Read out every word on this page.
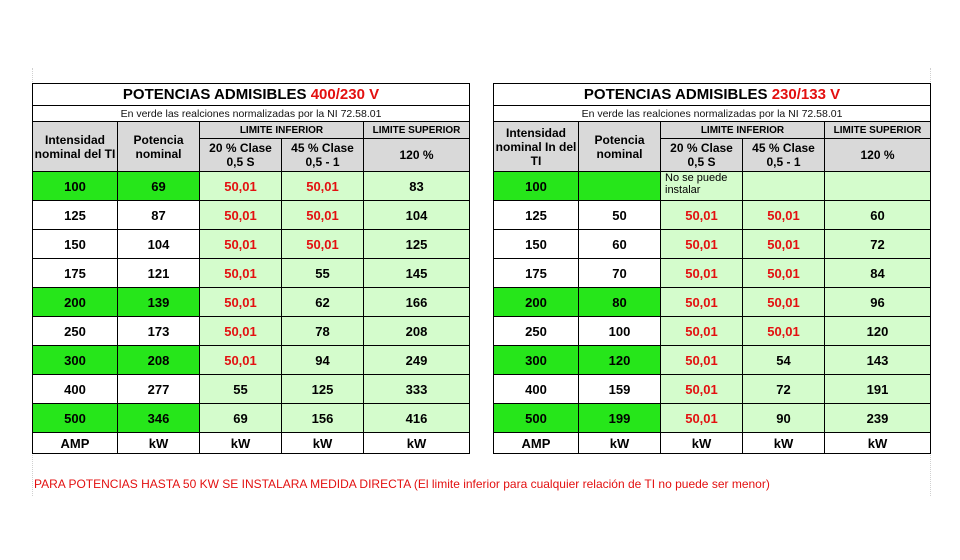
POTENCIAS ADMISIBLES 400/230 V				
En verde las realciones normalizadas por la NI 72.58.01				
Intensidad nominal del TI	Potencia nominal	LIMITE INFERIOR		LIMITE SUPERIOR
		20 % Clase 0,5 S	45 % Clase 0,5 - 1	120 %
100	69	50,01	50,01	83
125	87	50,01	50,01	104
150	104	50,01	50,01	125
175	121	50,01	55	145
200	139	50,01	62	166
250	173	50,01	78	208
300	208	50,01	94	249
400	277	55	125	333
500	346	69	156	416
AMP	kW	kW	kW	kW
POTENCIAS ADMISIBLES 230/133 V				
En verde las realciones normalizadas por la NI 72.58.01				
Intensidad nominal In del TI	Potencia nominal	LIMITE INFERIOR		LIMITE SUPERIOR
		20 % Clase 0,5 S	45 % Clase 0,5 - 1	120 %
100		No se puede instalar		
125	50	50,01	50,01	60
150	60	50,01	50,01	72
175	70	50,01	50,01	84
200	80	50,01	50,01	96
250	100	50,01	50,01	120
300	120	50,01	54	143
400	159	50,01	72	191
500	199	50,01	90	239
AMP	kW	kW	kW	kW
PARA POTENCIAS HASTA 50 KW SE INSTALARA MEDIDA DIRECTA (El limite inferior para cualquier relación de TI no puede ser menor)
